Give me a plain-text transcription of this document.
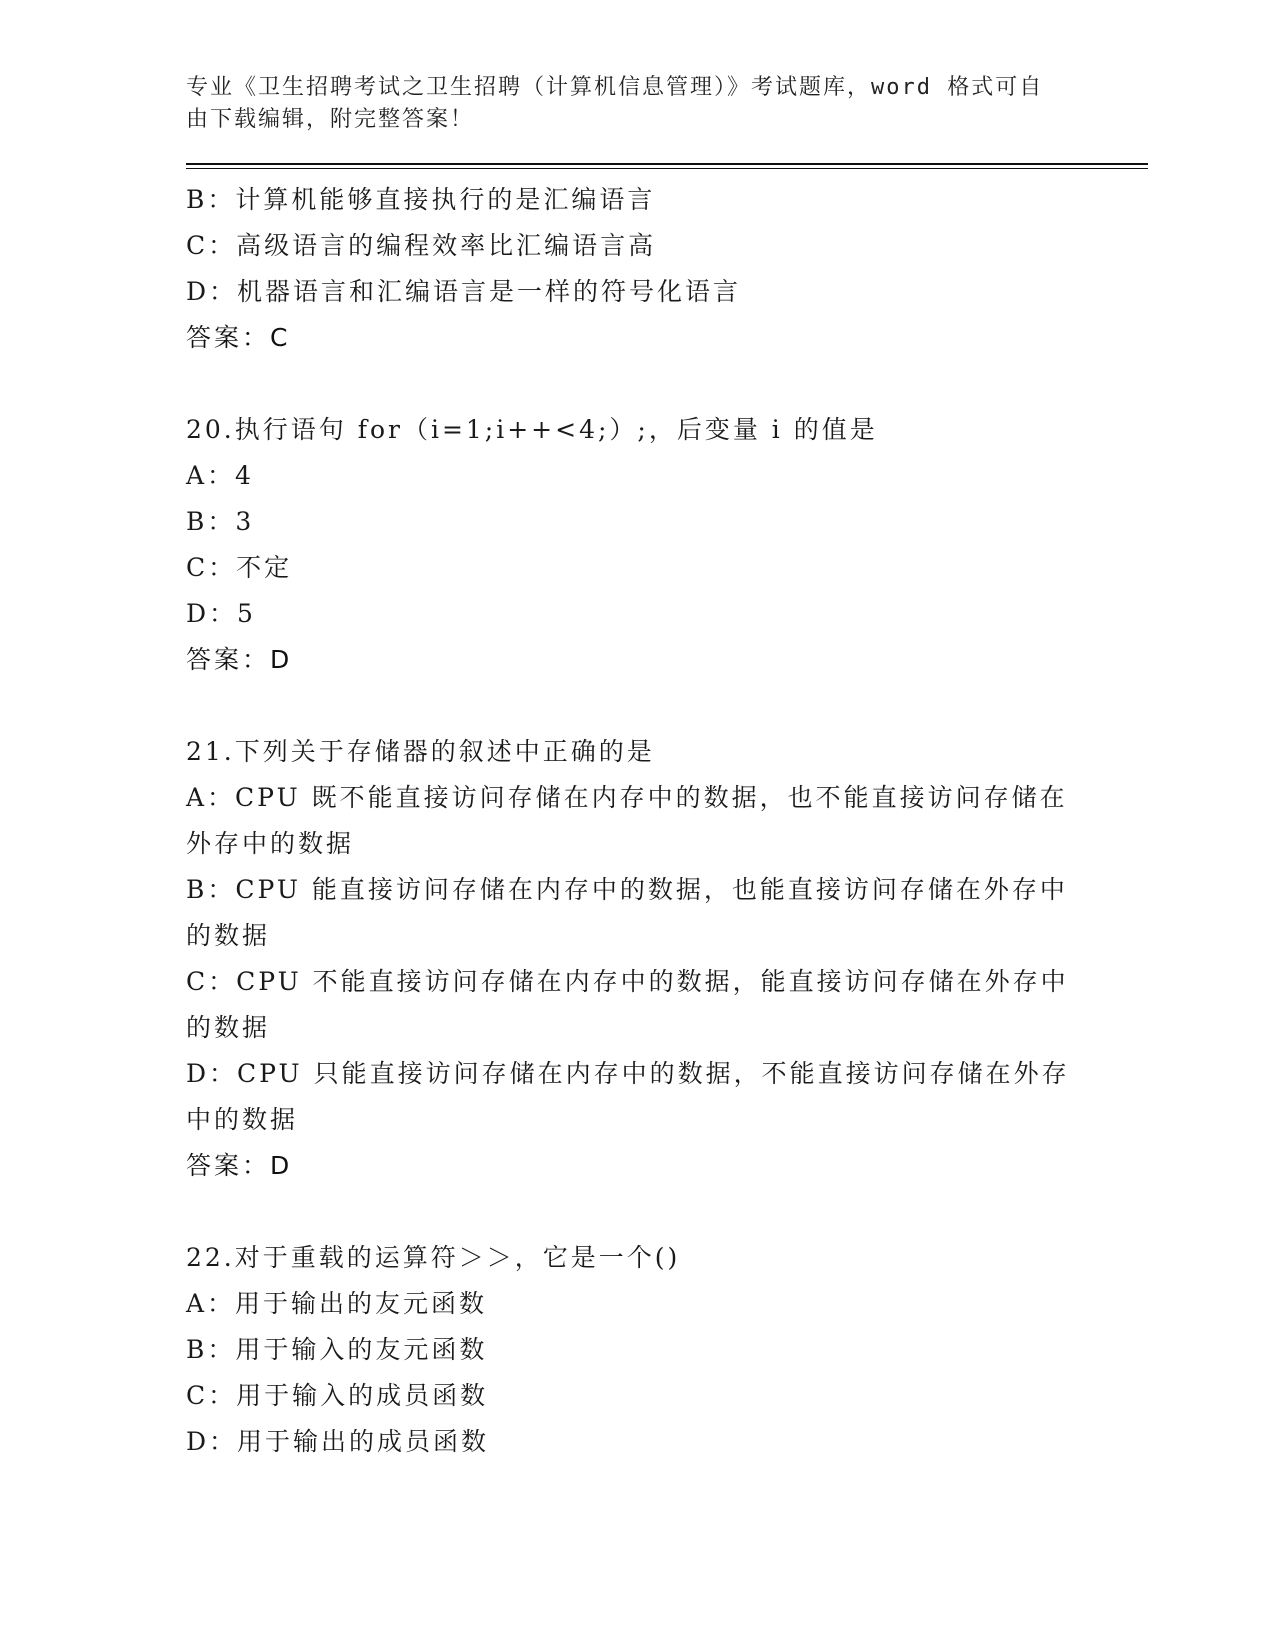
专业《卫生招聘考试之卫生招聘（计算机信息管理）》考试题库，word 格式可自
由下载编辑，附完整答案！
B：计算机能够直接执行的是汇编语言
C：高级语言的编程效率比汇编语言高
D：机器语言和汇编语言是一样的符号化语言
答案：C
20.执行语句 for（i=1;i++<4;）;，后变量 i 的值是
A：4
B：3
C：不定
D：5
答案：D
21.下列关于存储器的叙述中正确的是
A：CPU 既不能直接访问存储在内存中的数据，也不能直接访问存储在
外存中的数据
B：CPU 能直接访问存储在内存中的数据，也能直接访问存储在外存中
的数据
C：CPU 不能直接访问存储在内存中的数据，能直接访问存储在外存中
的数据
D：CPU 只能直接访问存储在内存中的数据，不能直接访问存储在外存
中的数据
答案：D
22.对于重载的运算符＞＞，它是一个()
A：用于输出的友元函数
B：用于输入的友元函数
C：用于输入的成员函数
D：用于输出的成员函数
